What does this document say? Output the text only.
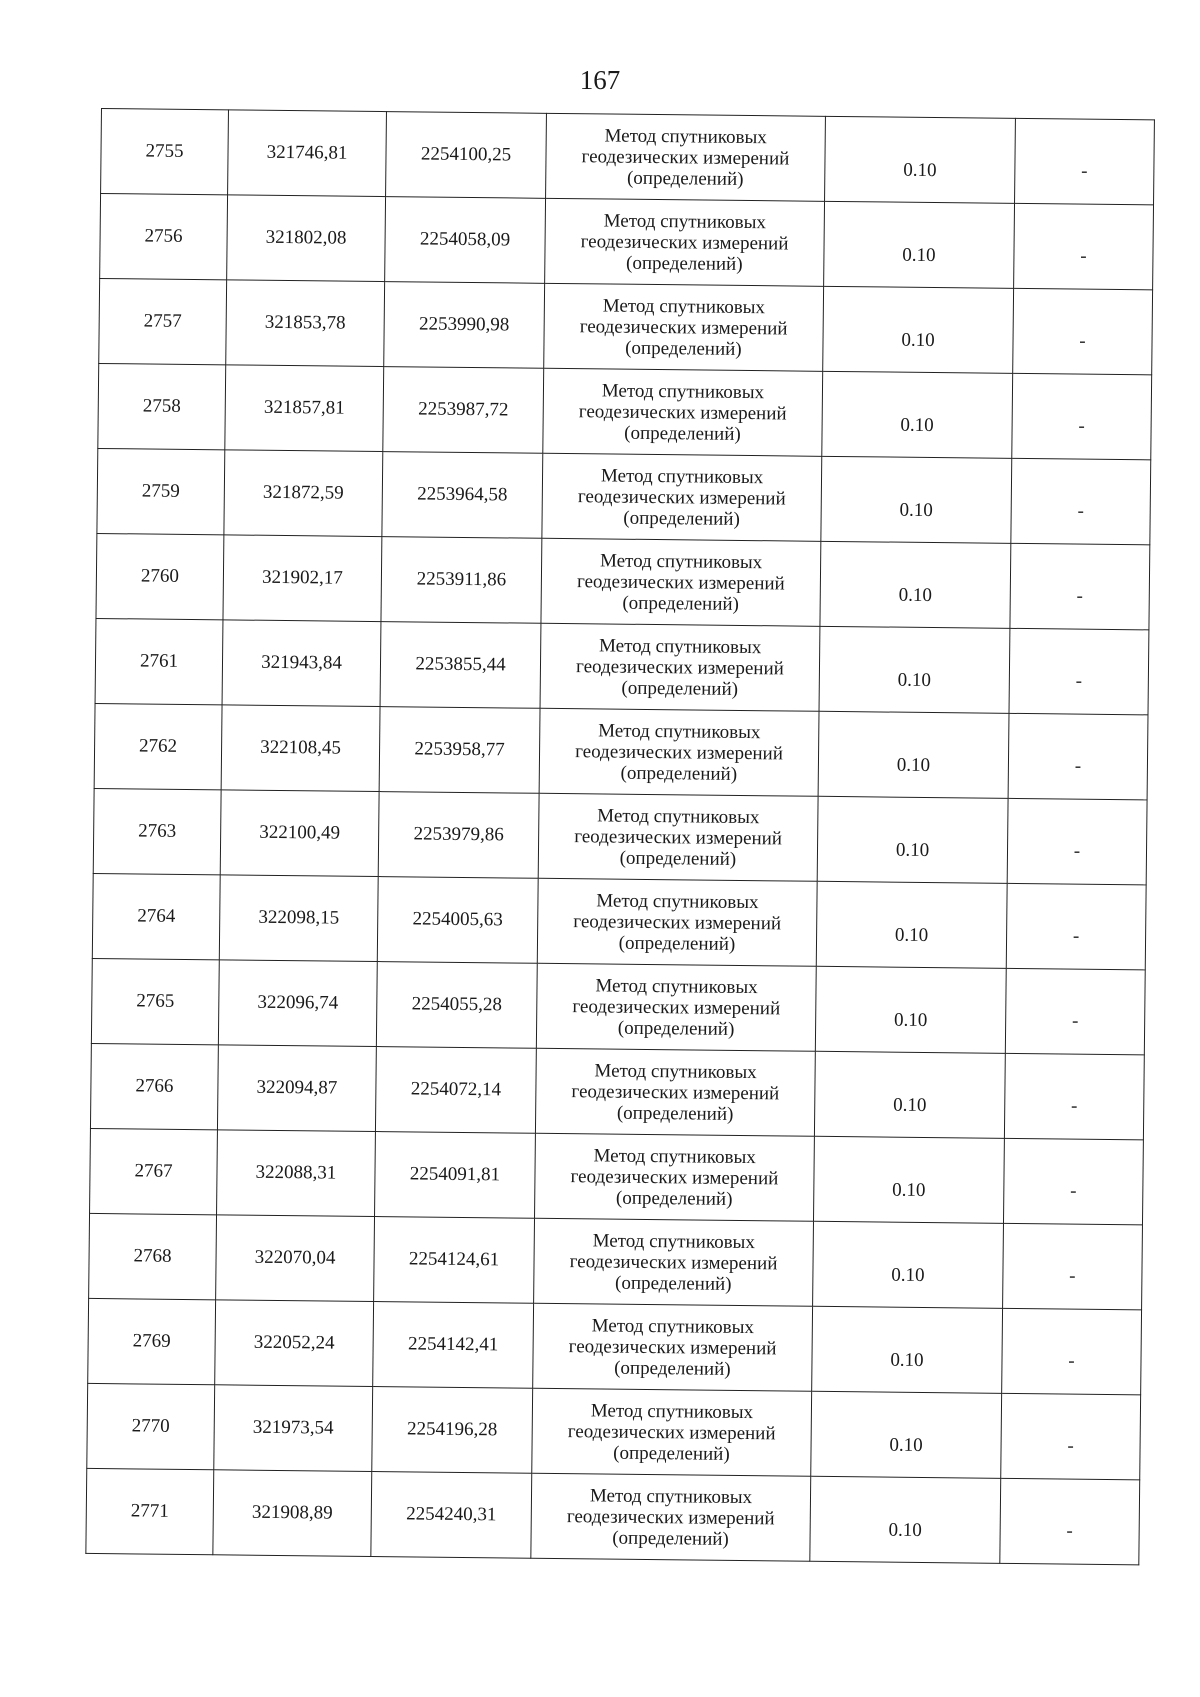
167
2755	321746,81	2254100,25	Метод спутниковых
геодезических измерений
(определений)	0.10	-

2756	321802,08	2254058,09	Метод спутниковых
геодезических измерений
(определений)	0.10	-

2757	321853,78	2253990,98	Метод спутниковых
геодезических измерений
(определений)	0.10	-

2758	321857,81	2253987,72	Метод спутниковых
геодезических измерений
(определений)	0.10	-

2759	321872,59	2253964,58	Метод спутниковых
геодезических измерений
(определений)	0.10	-

2760	321902,17	2253911,86	Метод спутниковых
геодезических измерений
(определений)	0.10	-

2761	321943,84	2253855,44	Метод спутниковых
геодезических измерений
(определений)	0.10	-

2762	322108,45	2253958,77	Метод спутниковых
геодезических измерений
(определений)	0.10	-

2763	322100,49	2253979,86	Метод спутниковых
геодезических измерений
(определений)	0.10	-

2764	322098,15	2254005,63	Метод спутниковых
геодезических измерений
(определений)	0.10	-

2765	322096,74	2254055,28	Метод спутниковых
геодезических измерений
(определений)	0.10	-

2766	322094,87	2254072,14	Метод спутниковых
геодезических измерений
(определений)	0.10	-

2767	322088,31	2254091,81	Метод спутниковых
геодезических измерений
(определений)	0.10	-

2768	322070,04	2254124,61	Метод спутниковых
геодезических измерений
(определений)	0.10	-

2769	322052,24	2254142,41	Метод спутниковых
геодезических измерений
(определений)	0.10	-

2770	321973,54	2254196,28	Метод спутниковых
геодезических измерений
(определений)	0.10	-

2771	321908,89	2254240,31	Метод спутниковых
геодезических измерений
(определений)	0.10	-
